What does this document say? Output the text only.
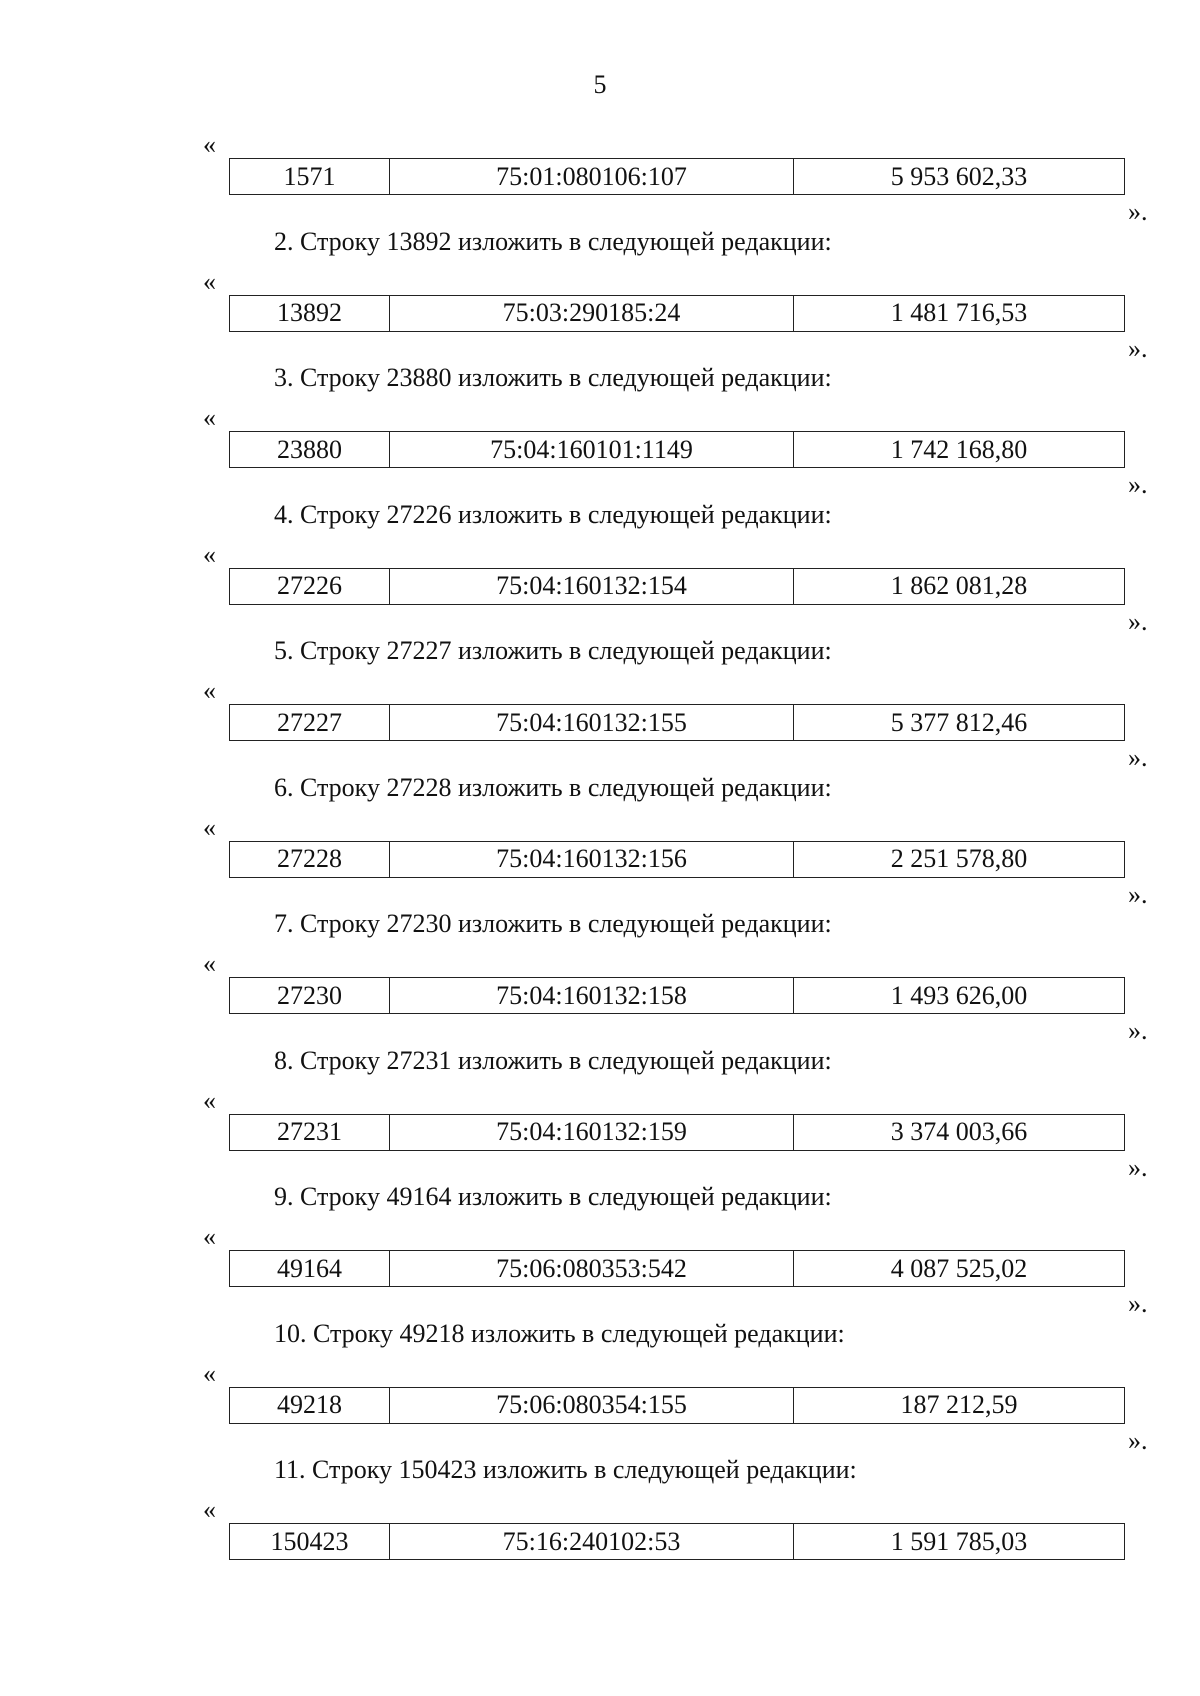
5
«
1571	75:01:080106:107	5 953 602,33
».
2. Строку 13892 изложить в следующей редакции:
«
13892	75:03:290185:24	1 481 716,53
».
3. Строку 23880 изложить в следующей редакции:
«
23880	75:04:160101:1149	1 742 168,80
».
4. Строку 27226 изложить в следующей редакции:
«
27226	75:04:160132:154	1 862 081,28
».
5. Строку 27227 изложить в следующей редакции:
«
27227	75:04:160132:155	5 377 812,46
».
6. Строку 27228 изложить в следующей редакции:
«
27228	75:04:160132:156	2 251 578,80
».
7. Строку 27230 изложить в следующей редакции:
«
27230	75:04:160132:158	1 493 626,00
».
8. Строку 27231 изложить в следующей редакции:
«
27231	75:04:160132:159	3 374 003,66
».
9. Строку 49164 изложить в следующей редакции:
«
49164	75:06:080353:542	4 087 525,02
».
10. Строку 49218 изложить в следующей редакции:
«
49218	75:06:080354:155	187 212,59
».
11. Строку 150423 изложить в следующей редакции:
«
150423	75:16:240102:53	1 591 785,03
